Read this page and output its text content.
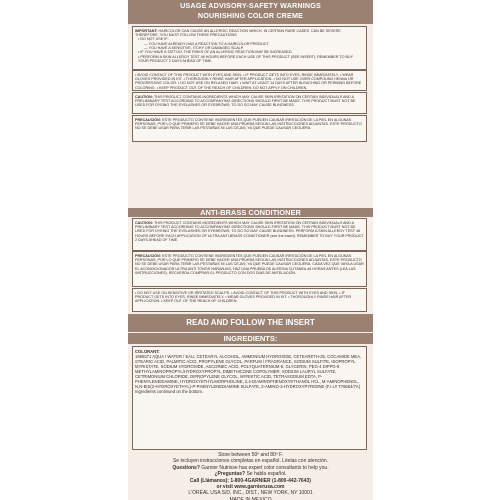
USAGE ADVISORY-SAFETY WARNINGS
NOURISHING COLOR CREME

IMPORTANT: HAIRCOLOR CAN CAUSE AN ALLERGIC REACTION WHICH, IN CERTAIN RARE CASES, CAN BE SEVERE. THEREFORE, YOU MUST FOLLOW THESE PRECAUTIONS

• DO NOT USE IF:

— YOU HAVE ALREADY HAD A REACTION TO A HAIRCOLOR PRODUCT

— YOU HAVE A SENSITIVE, ITCHY OR DAMAGED SCALP.

• IF YOU HAVE A TATTOO, THE RISKS OF AN ALLERGIC REACTION MAY BE INCREASED.

• PERFORM A SKIN ALLERGY TEST 48 HOURS BEFORE EACH USE OF THIS PRODUCT (SEE INSERT). REMEMBER TO BUY YOUR PRODUCT 2 DAYS AHEAD OF TIME.

• AVOID CONTACT OF THIS PRODUCT WITH EYES AND SKIN. • IF PRODUCT GETS INTO EYES, RINSE IMMEDIATELY. • WEAR GLOVES PROVIDED IN KIT. • THOROUGHLY RINSE HAIR AFTER APPLICATION. • DO NOT USE OVER COMPOUND HENNA OR PROGRESSIVE COLOR. • DO NOT USE ON RELAXED HAIR. • WAIT AT LEAST 14 DAYS AFTER BLEACHING OR PERMING BEFORE COLORING. • KEEP PRODUCT OUT OF THE REACH OF CHILDREN. DO NOT APPLY ON CHILDREN.

CAUTION: THIS PRODUCT CONTAINS INGREDIENTS WHICH MAY CAUSE SKIN IRRITATION ON CERTAIN INDIVIDUALS AND A PRELIMINARY TEST ACCORDING TO ACCOMPANYING DIRECTIONS SHOULD FIRST BE MADE. THIS PRODUCT MUST NOT BE USED FOR DYEING THE EYELASHES OR EYEBROWS; TO DO SO MAY CAUSE BLINDNESS.

PRECAUCIÓN: ESTE PRODUCTO CONTIENE INGREDIENTES QUE PUEDEN CAUSAR IRRITACIÓN DE LA PIEL EN ALGUNAS PERSONAS, POR LO QUE PRIMERO SE DEBE HACER UNA PRUEBA SEGÚN LAS INSTRUCCIONES ADJUNTAS. ESTE PRODUCTO NO SE DEBE USAR PARA TEÑIR LAS PESTAÑAS NI LAS CEJAS; YA QUE PUEDE CAUSAR CEGUERA.

ANTI-BRASS CONDITIONER

CAUTION: THIS PRODUCT CONTAINS INGREDIENTS WHICH MAY CAUSE SKIN IRRITATION ON CERTAIN INDIVIDUALS AND A PRELIMINARY TEST ACCORDING TO ACCOMPANYING DIRECTIONS SHOULD FIRST BE MADE. THIS PRODUCT MUST NOT BE USED FOR DYEING THE EYELASHES OR EYEBROWS; TO DO SO MAY CAUSE BLINDNESS. PERFORM A SKIN ALLERGY TEST 48 HOURS BEFORE EACH APPLICATION OF ULTRA ANTI-BRASS CONDITIONER (see the insert). REMEMBER TO BUY YOUR PRODUCT 2 DAYS AHEAD OF TIME.

PRECAUCIÓN: ESTE PRODUCTO CONTIENE INGREDIENTES QUE PUEDEN CAUSAR IRRITACIÓN DE LA PIEL EN ALGUNAS PERSONAS, POR LO QUE PRIMERO SE DEBE HACER UNA PRUEBA SEGÚN LAS INSTRUCCIONES ADJUNTAS. ESTE PRODUCTO NO SE DEBE USAR PARA TEÑIR LAS PESTAÑAS NI LAS CEJAS; YA QUE PUEDE CAUSAR CEGUERA. CADA VEZ QUE VAYA A USAR EL ACONDICIONADOR ULTRA ANTI TONOS NARANJAS, HAZ UNA PRUEBA DE ALERGIA CUTÁNEA 48 HORAS ANTES (LEA LAS INSTRUCCIONES). RECUERDA COMPRAR EL PRODUCTO CON DOS DÍAS DE ANTELACIÓN.

• DO NOT USE ON SENSITIVE OR IRRITATED SCALPS. • AVOID CONTACT OF THIS PRODUCT WITH EYES AND SKIN. • IF PRODUCT GETS INTO EYES, RINSE IMMEDIATELY. • WEAR GLOVES PROVIDED IN KIT. • THOROUGHLY RINSE HAIR AFTER APPLICATION. • KEEP OUT OF THE REACH OF CHILDREN.

READ AND FOLLOW THE INSERT
INGREDIENTS:

COLORANT:

1595071 AQUA / WATER / EAU, CETEARYL ALCOHOL, AMMONIUM HYDROXIDE, CETEARETH-25, COCAMIDE MEA, STEARIC ACID, PALMITIC ACID, PROPYLENE GLYCOL, PARFUM / FRAGRANCE, SODIUM SULFITE, ISOPROPYL MYRISTATE, SODIUM HYDROXIDE, ASCORBIC ACID, POLYQUATERNIUM-6, GLYCERIN, PEG-4 DIPPG-8 METHYLAMINOPROPYL/HYDROXYPROPYL DIMETHICONE COPOLYMER, SODIUM LAURYL SULFATE, CETRIMONIUM CHLORIDE, DIPROPYLENE GLYCOL, MYRISTIC ACID, TETRASODIUM EDTA, P-PHENYLENEDIAMINE, HYDROXYETHYLMORPHOLINE, 2,4-DIAMINOPHENOXYETHANOL HCL, M-AMINOPHENOL, N,N-BIS(2-HYDROXYETHYL)-P-PHENYLENEDIAMINE SULFATE, 2-AMINO-3-HYDROXYPYRIDINE (F.I.L# T76654/7A)

Ingredients continued on the bottom.

Store between 50º and 80º F.
Se incluyen instrucciones completas en español. Léelas con atención.
Questions? Garnier Nutrisse has expert color consultants to help you.
¿Preguntas? Se habla español.
Call (Llámanos): 1-800-4GARNIER (1-800-442-7643)
or visit www.garnierusa.com
L'ORÉAL USA S/D, INC., DIST., NEW YORK, NY 10001
MADE IN MEXICO
